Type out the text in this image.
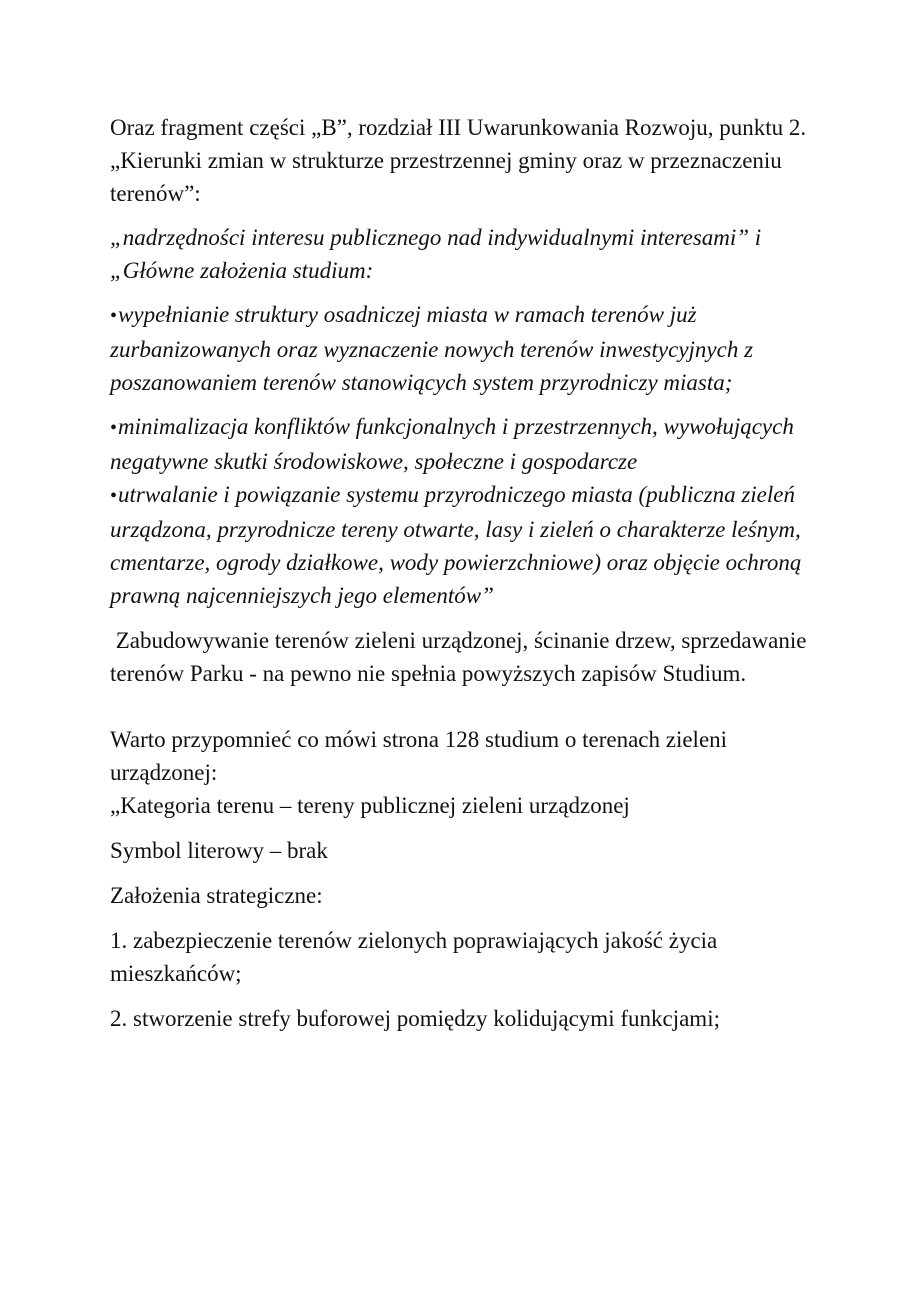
Oraz fragment części „B”, rozdział III Uwarunkowania Rozwoju, punktu 2. „Kierunki zmian w strukturze przestrzennej gminy oraz w przeznaczeniu terenów”:

„nadrzędności interesu publicznego nad indywidualnymi interesami” i „Główne założenia studium:

•wypełnianie struktury osadniczej miasta w ramach terenów już zurbanizowanych oraz wyznaczenie nowych terenów inwestycyjnych z poszanowaniem terenów stanowiących system przyrodniczy miasta;

•minimalizacja konfliktów funkcjonalnych i przestrzennych, wywołujących negatywne skutki środowiskowe, społeczne i gospodarcze

•utrwalanie i powiązanie systemu przyrodniczego miasta (publiczna zieleń urządzona, przyrodnicze tereny otwarte, lasy i zieleń o charakterze leśnym, cmentarze, ogrody działkowe, wody powierzchniowe) oraz objęcie ochroną prawną najcenniejszych jego elementów”

Zabudowywanie terenów zieleni urządzonej, ścinanie drzew, sprzedawanie terenów Parku - na pewno nie spełnia powyższych zapisów Studium.

Warto przypomnieć co mówi strona 128 studium o terenach zieleni urządzonej:

„Kategoria terenu – tereny publicznej zieleni urządzonej

Symbol literowy – brak

Założenia strategiczne:

1. zabezpieczenie terenów zielonych poprawiających jakość życia mieszkańców;

2. stworzenie strefy buforowej pomiędzy kolidującymi funkcjami;
